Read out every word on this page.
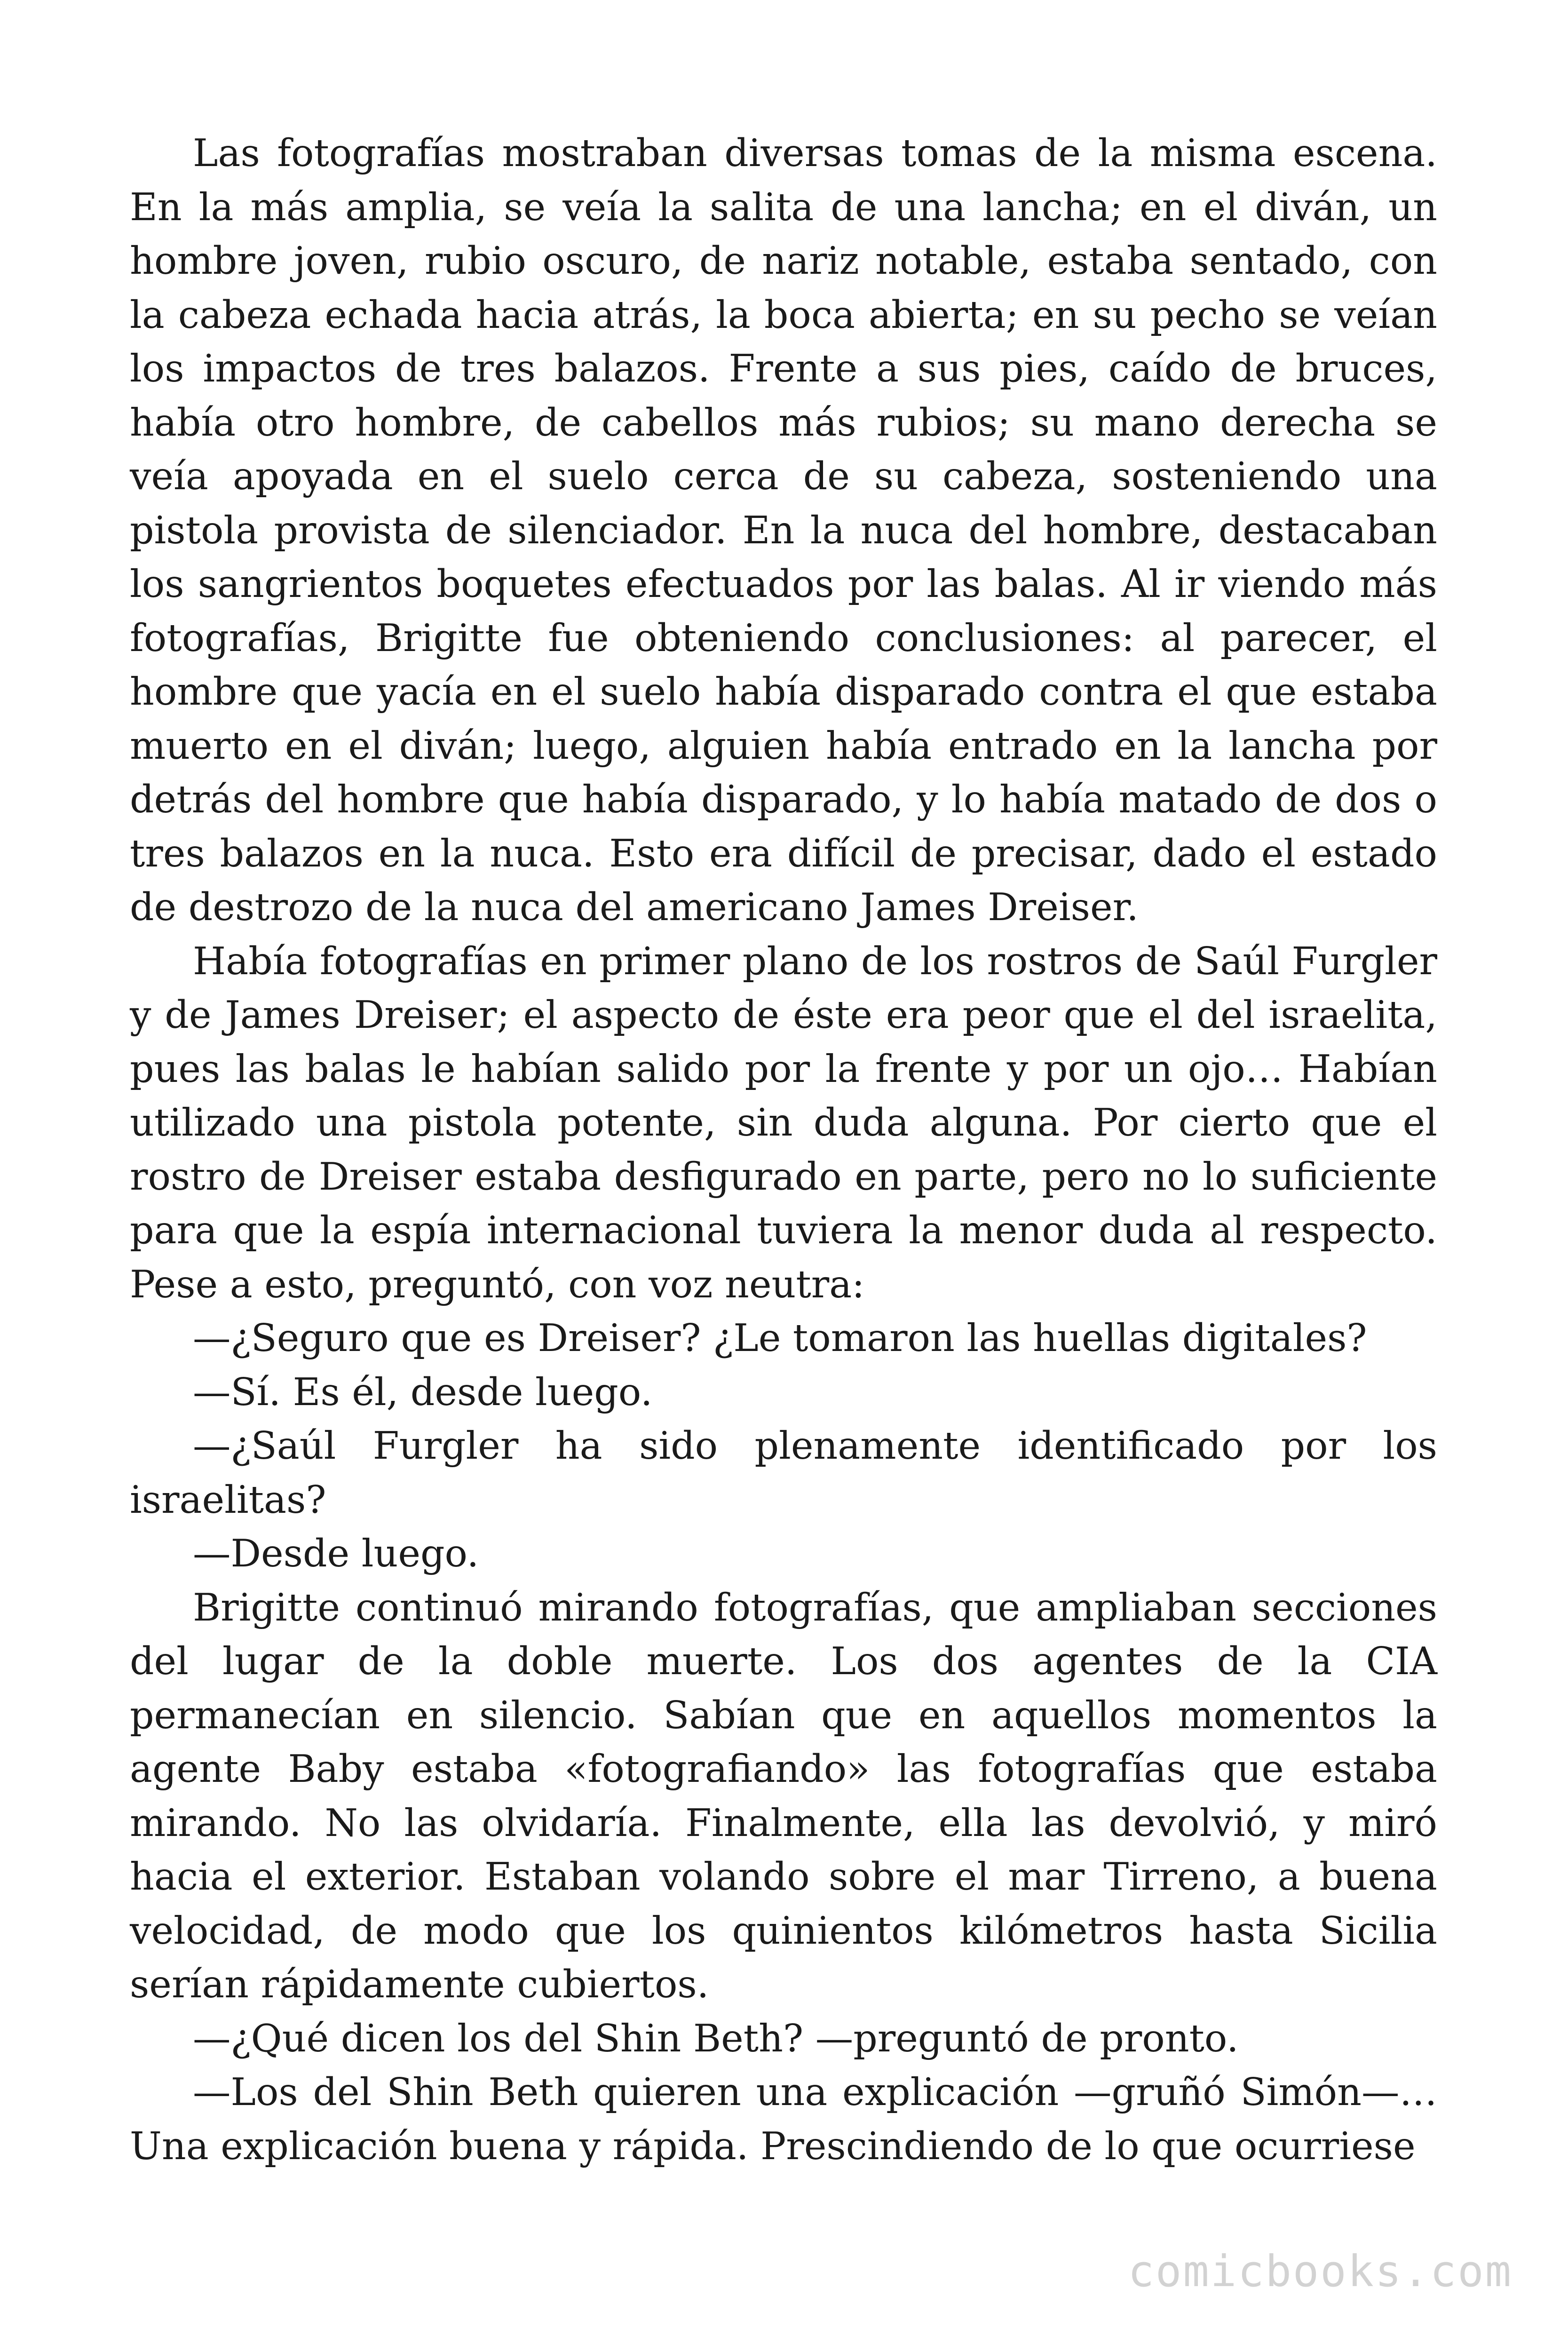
Las fotografías mostraban diversas tomas de la misma escena. En la más amplia, se veía la salita de una lancha; en el diván, un hombre joven, rubio oscuro, de nariz notable, estaba sentado, con la cabeza echada hacia atrás, la boca abierta; en su pecho se veían los impactos de tres balazos. Frente a sus pies, caído de bruces, había otro hombre, de cabellos más rubios; su mano derecha se veía apoyada en el suelo cerca de su cabeza, sosteniendo una pistola provista de silenciador. En la nuca del hombre, destacaban los sangrientos boquetes efectuados por las balas. Al ir viendo más fotografías, Brigitte fue obteniendo conclusiones: al parecer, el hombre que yacía en el suelo había disparado contra el que estaba muerto en el diván; luego, alguien había entrado en la lancha por detrás del hombre que había disparado, y lo había matado de dos o tres balazos en la nuca. Esto era difícil de precisar, dado el estado de destrozo de la nuca del americano James Dreiser.

Había fotografías en primer plano de los rostros de Saúl Furgler y de James Dreiser; el aspecto de éste era peor que el del israelita, pues las balas le habían salido por la frente y por un ojo… Habían utilizado una pistola potente, sin duda alguna. Por cierto que el rostro de Dreiser estaba desfigurado en parte, pero no lo suficiente para que la espía internacional tuviera la menor duda al respecto. Pese a esto, preguntó, con voz neutra:

—¿Seguro que es Dreiser? ¿Le tomaron las huellas digitales?

—Sí. Es él, desde luego.

—¿Saúl Furgler ha sido plenamente identificado por los israelitas?

—Desde luego.

Brigitte continuó mirando fotografías, que ampliaban secciones del lugar de la doble muerte. Los dos agentes de la CIA permanecían en silencio. Sabían que en aquellos momentos la agente Baby estaba «fotografiando» las fotografías que estaba mirando. No las olvidaría. Finalmente, ella las devolvió, y miró hacia el exterior. Estaban volando sobre el mar Tirreno, a buena velocidad, de modo que los quinientos kilómetros hasta Sicilia serían rápidamente cubiertos.

—¿Qué dicen los del Shin Beth? —preguntó de pronto.

—Los del Shin Beth quieren una explicación —gruñó Simón—… Una explicación buena y rápida. Prescindiendo de lo que ocurriese

comicbooks.com
